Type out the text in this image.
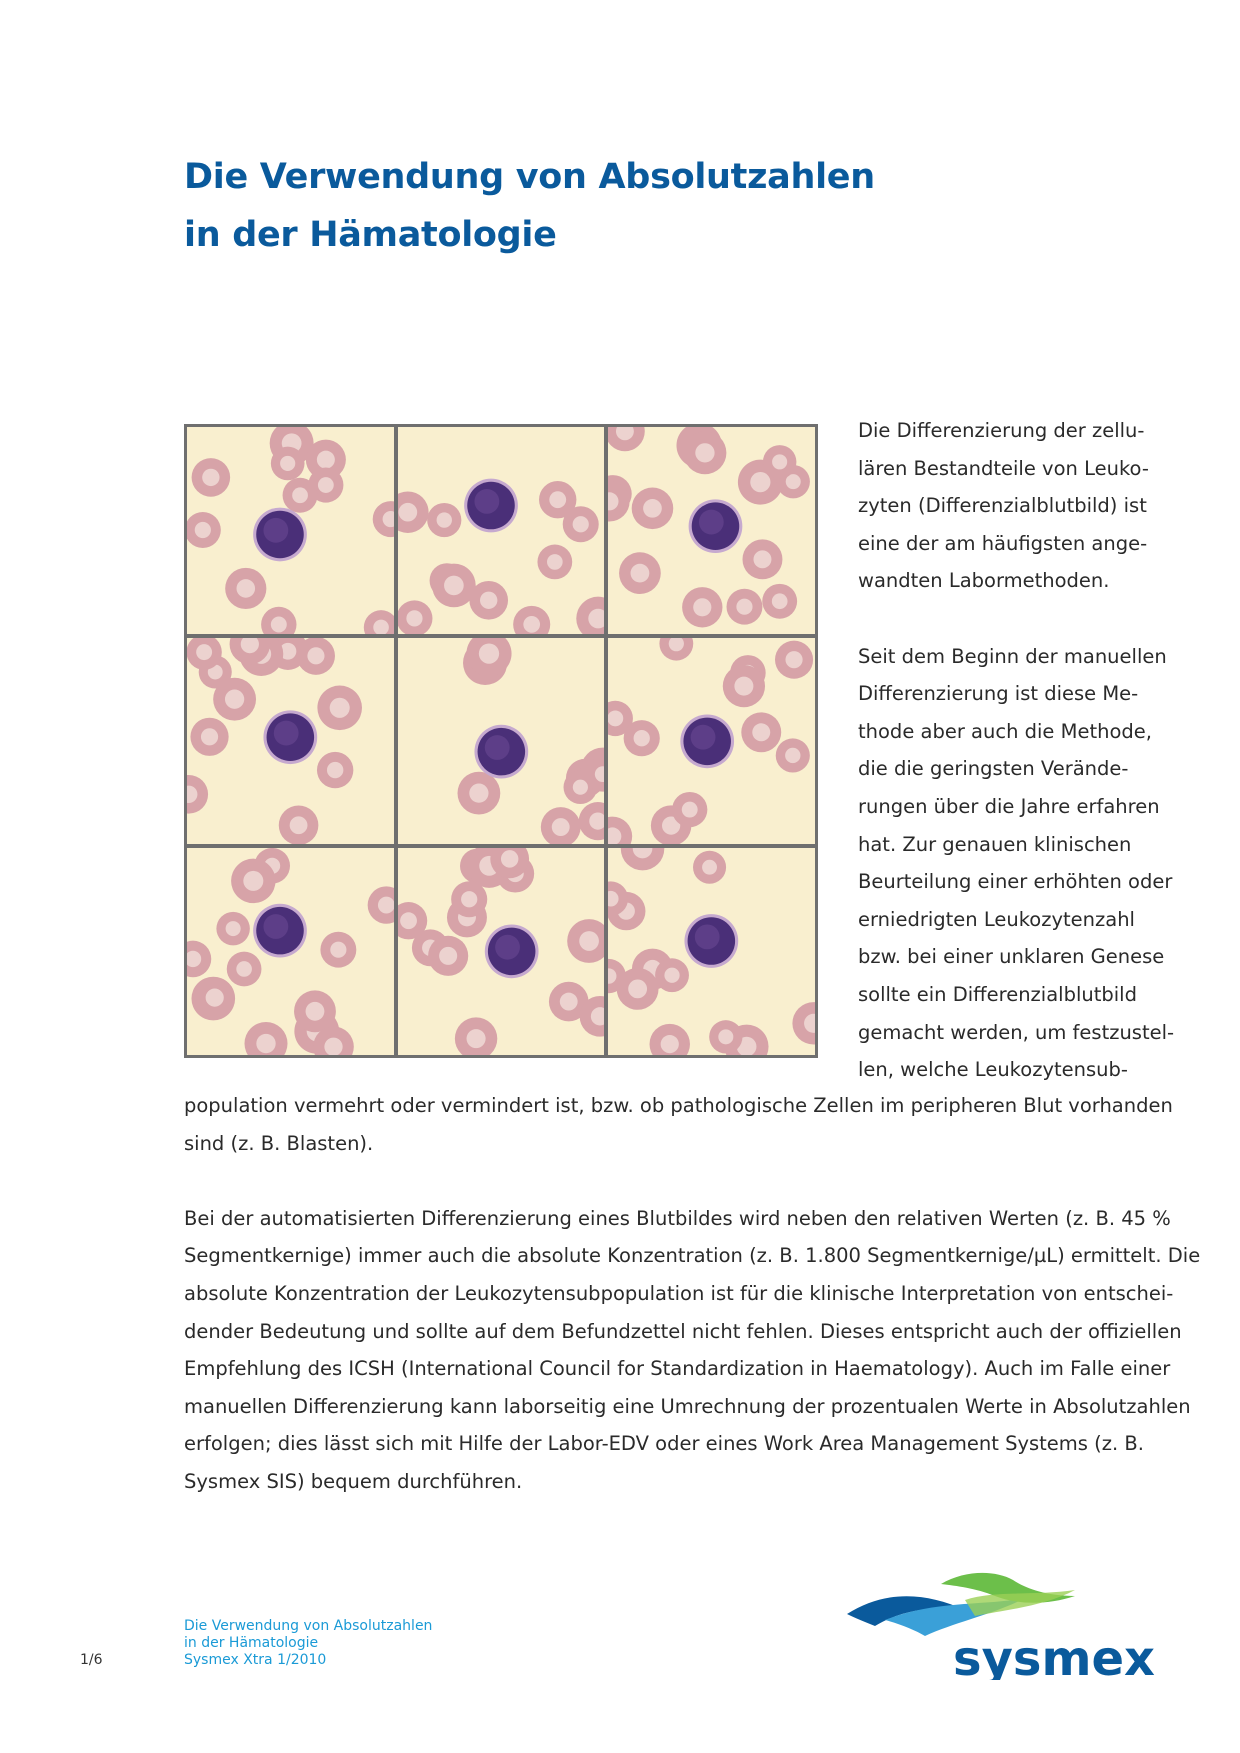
Die Verwendung von Absolutzahlen
in der Hämatologie

Die Differenzierung der zellu-
lären Bestandteile von Leuko-
zyten (Differenzialblutbild) ist
eine der am häufigsten ange-
wandten Labormethoden.

Seit dem Beginn der manuellen
Differenzierung ist diese Me-
thode aber auch die Methode,
die die geringsten Verände-
rungen über die Jahre erfahren
hat. Zur genauen klinischen
Beurteilung einer erhöhten oder
erniedrigten Leukozytenzahl
bzw. bei einer unklaren Genese
sollte ein Differenzialblutbild
gemacht werden, um festzustel-
len, welche Leukozytensub-

population vermehrt oder vermindert ist, bzw. ob pathologische Zellen im peripheren Blut vorhanden
sind (z. B. Blasten).

Bei der automatisierten Differenzierung eines Blutbildes wird neben den relativen Werten (z. B. 45 %
Segmentkernige) immer auch die absolute Konzentration (z. B. 1.800 Segmentkernige/µL) ermittelt. Die
absolute Konzentration der Leukozytensubpopulation ist für die klinische Interpretation von entschei-
dender Bedeutung und sollte auf dem Befundzettel nicht fehlen. Dieses entspricht auch der offiziellen
Empfehlung des ICSH (International Council for Standardization in Haematology). Auch im Falle einer
manuellen Differenzierung kann laborseitig eine Umrechnung der prozentualen Werte in Absolutzahlen
erfolgen; dies lässt sich mit Hilfe der Labor-EDV oder eines Work Area Management Systems (z. B.
Sysmex SIS) bequem durchführen.

Die Verwendung von Absolutzahlen
in der Hämatologie
Sysmex Xtra 1/2010
1/6	sysmex
